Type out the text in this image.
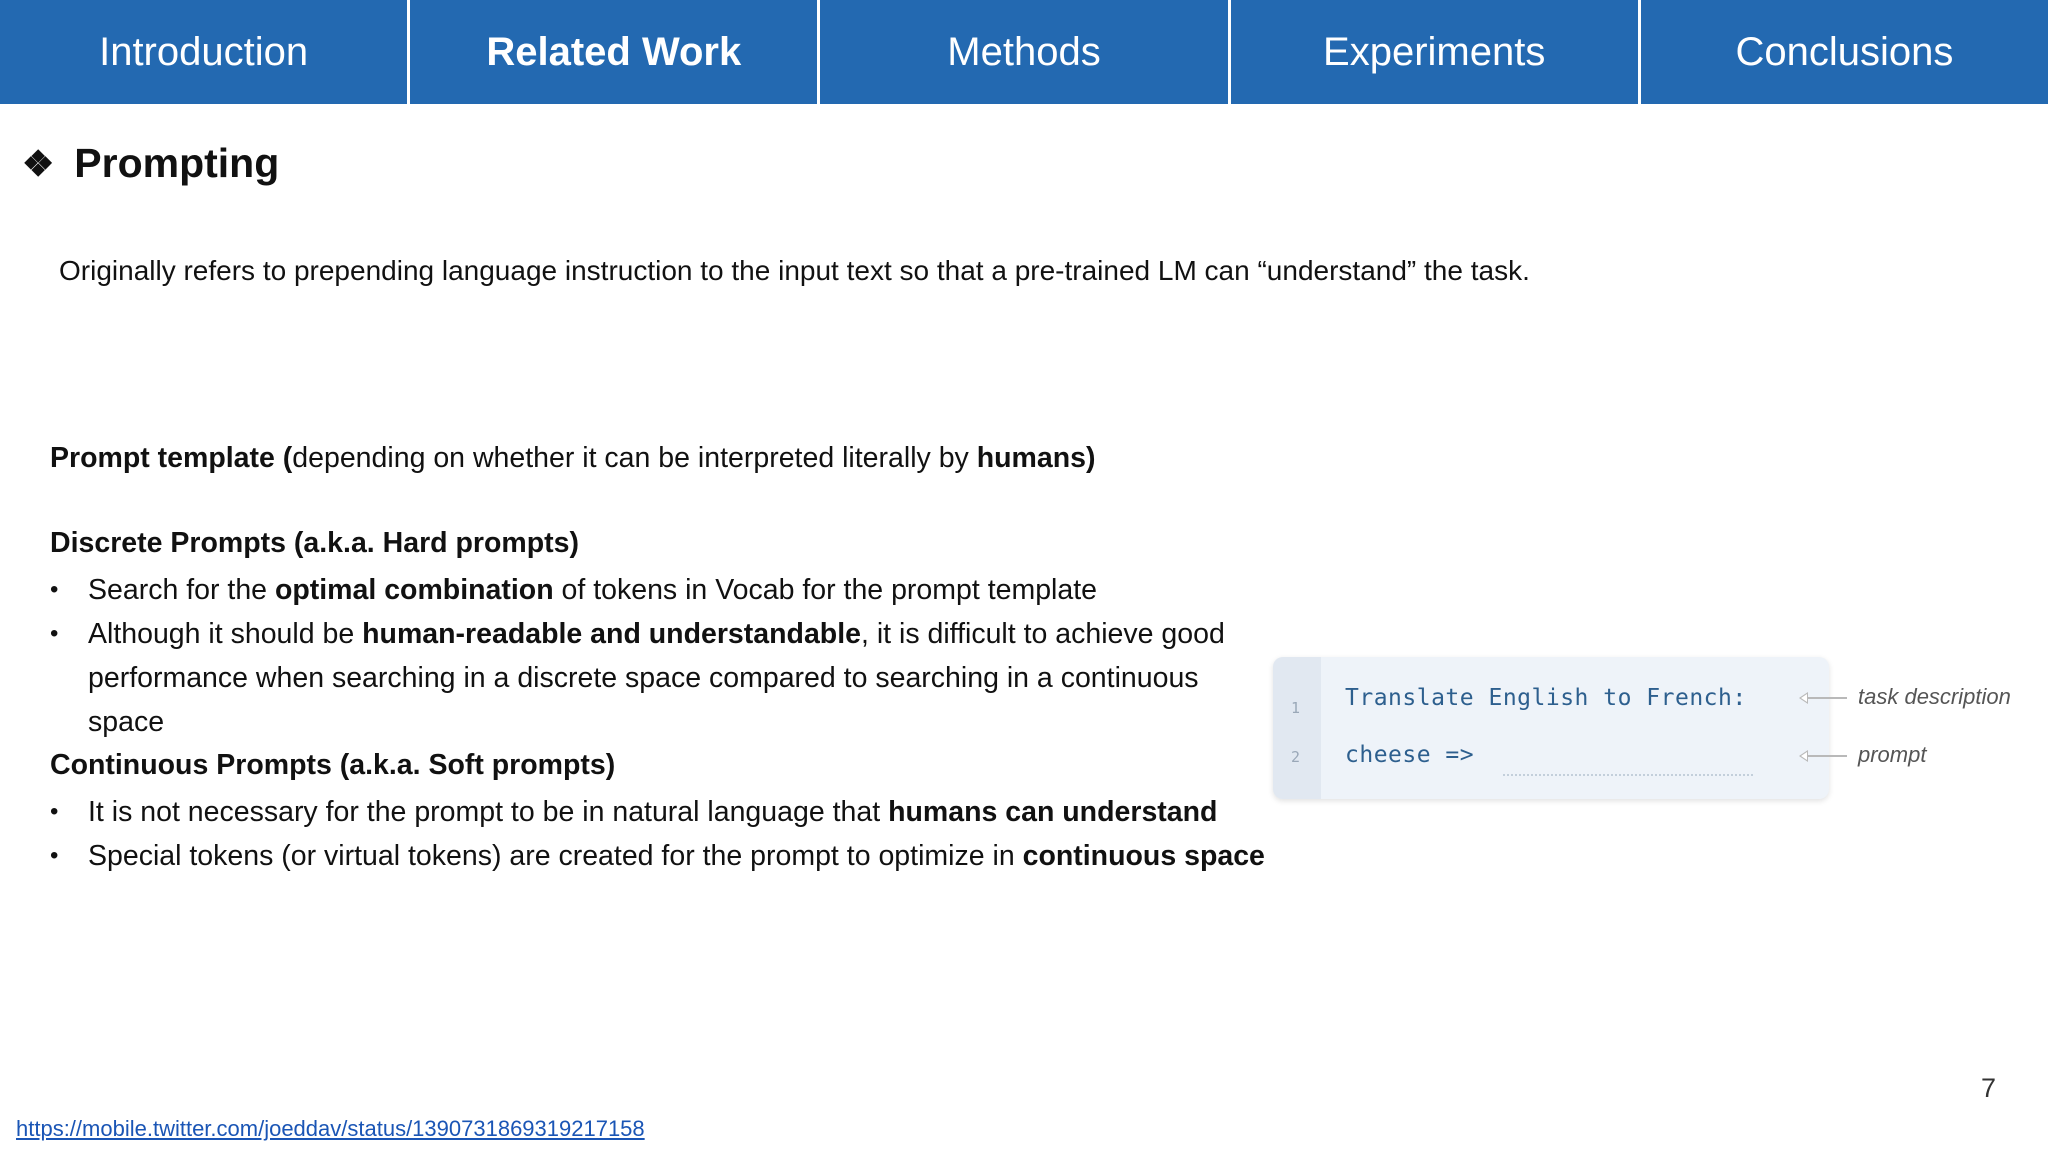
Introduction	Related Work	Methods	Experiments	Conclusions
❖ Prompting
Originally refers to prepending language instruction to the input text so that a pre-trained LM can “understand” the task.
Prompt template (depending on whether it can be interpreted literally by humans)
Discrete Prompts (a.k.a. Hard prompts)
• Search for the optimal combination of tokens in Vocab for the prompt template
• Although it should be human-readable and understandable, it is difficult to achieve good performance when searching in a discrete space compared to searching in a continuous space
Continuous Prompts (a.k.a. Soft prompts)
• It is not necessary for the prompt to be in natural language that humans can understand
• Special tokens (or virtual tokens) are created for the prompt to optimize in continuous space
1
2
Translate English to French:
cheese =>
task description
prompt
7
https://mobile.twitter.com/joeddav/status/1390731869319217158
